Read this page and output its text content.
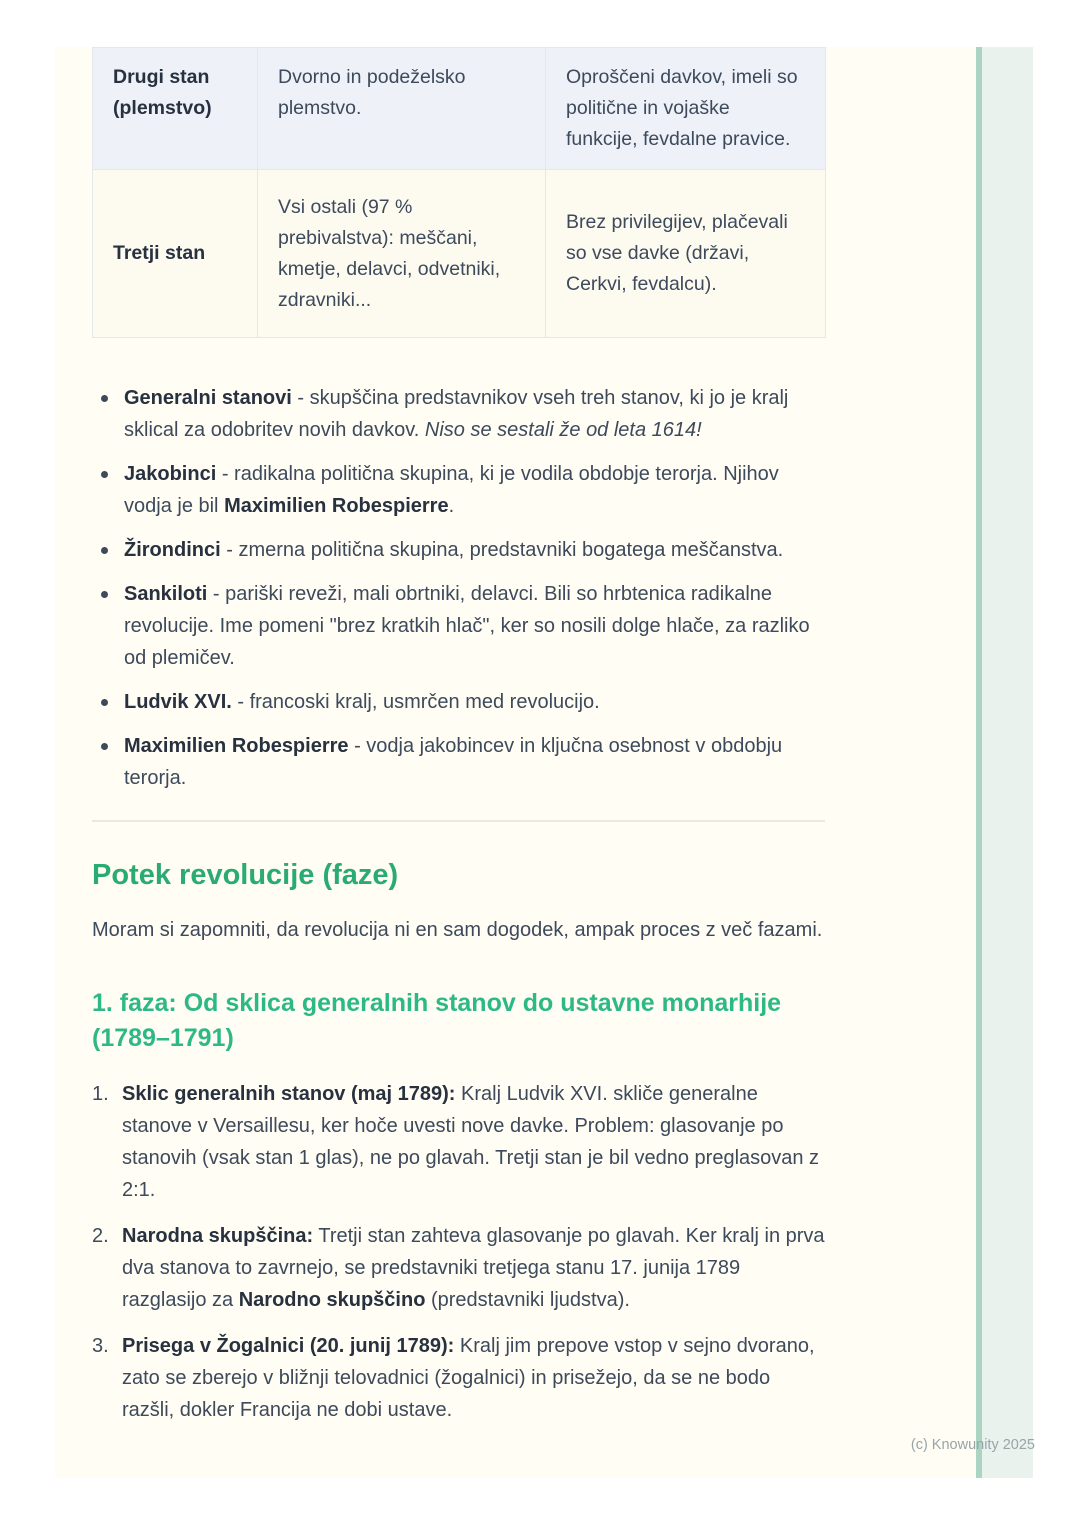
Drugi stan (plemstvo)	Dvorno in podeželsko plemstvo.	Oproščeni davkov, imeli so politične in vojaške funkcije, fevdalne pravice.
Tretji stan	Vsi ostali (97 % prebivalstva): meščani, kmetje, delavci, odvetniki, zdravniki...	Brez privilegijev, plačevali so vse davke (državi, Cerkvi, fevdalcu).
Generalni stanovi - skupščina predstavnikov vseh treh stanov, ki jo je kralj sklical za odobritev novih davkov. Niso se sestali že od leta 1614!
Jakobinci - radikalna politična skupina, ki je vodila obdobje terorja. Njihov vodja je bil Maximilien Robespierre.
Žirondinci - zmerna politična skupina, predstavniki bogatega meščanstva.
Sankiloti - pariški reveži, mali obrtniki, delavci. Bili so hrbtenica radikalne revolucije. Ime pomeni "brez kratkih hlač", ker so nosili dolge hlače, za razliko od plemičev.
Ludvik XVI. - francoski kralj, usmrčen med revolucijo.
Maximilien Robespierre - vodja jakobincev in ključna osebnost v obdobju terorja.
Potek revolucije (faze)

Moram si zapomniti, da revolucija ni en sam dogodek, ampak proces z več fazami.

1. faza: Od sklica generalnih stanov do ustavne monarhije (1789–1791)
1. Sklic generalnih stanov (maj 1789): Kralj Ludvik XVI. skliče generalne stanove v Versaillesu, ker hoče uvesti nove davke. Problem: glasovanje po stanovih (vsak stan 1 glas), ne po glavah. Tretji stan je bil vedno preglasovan z 2:1.
2. Narodna skupščina: Tretji stan zahteva glasovanje po glavah. Ker kralj in prva dva stanova to zavrnejo, se predstavniki tretjega stanu 17. junija 1789 razglasijo za Narodno skupščino (predstavniki ljudstva).
3. Prisega v Žogalnici (20. junij 1789): Kralj jim prepove vstop v sejno dvorano, zato se zberejo v bližnji telovadnici (žogalnici) in prisežejo, da se ne bodo razšli, dokler Francija ne dobi ustave.
(c) Knowunity 2025
